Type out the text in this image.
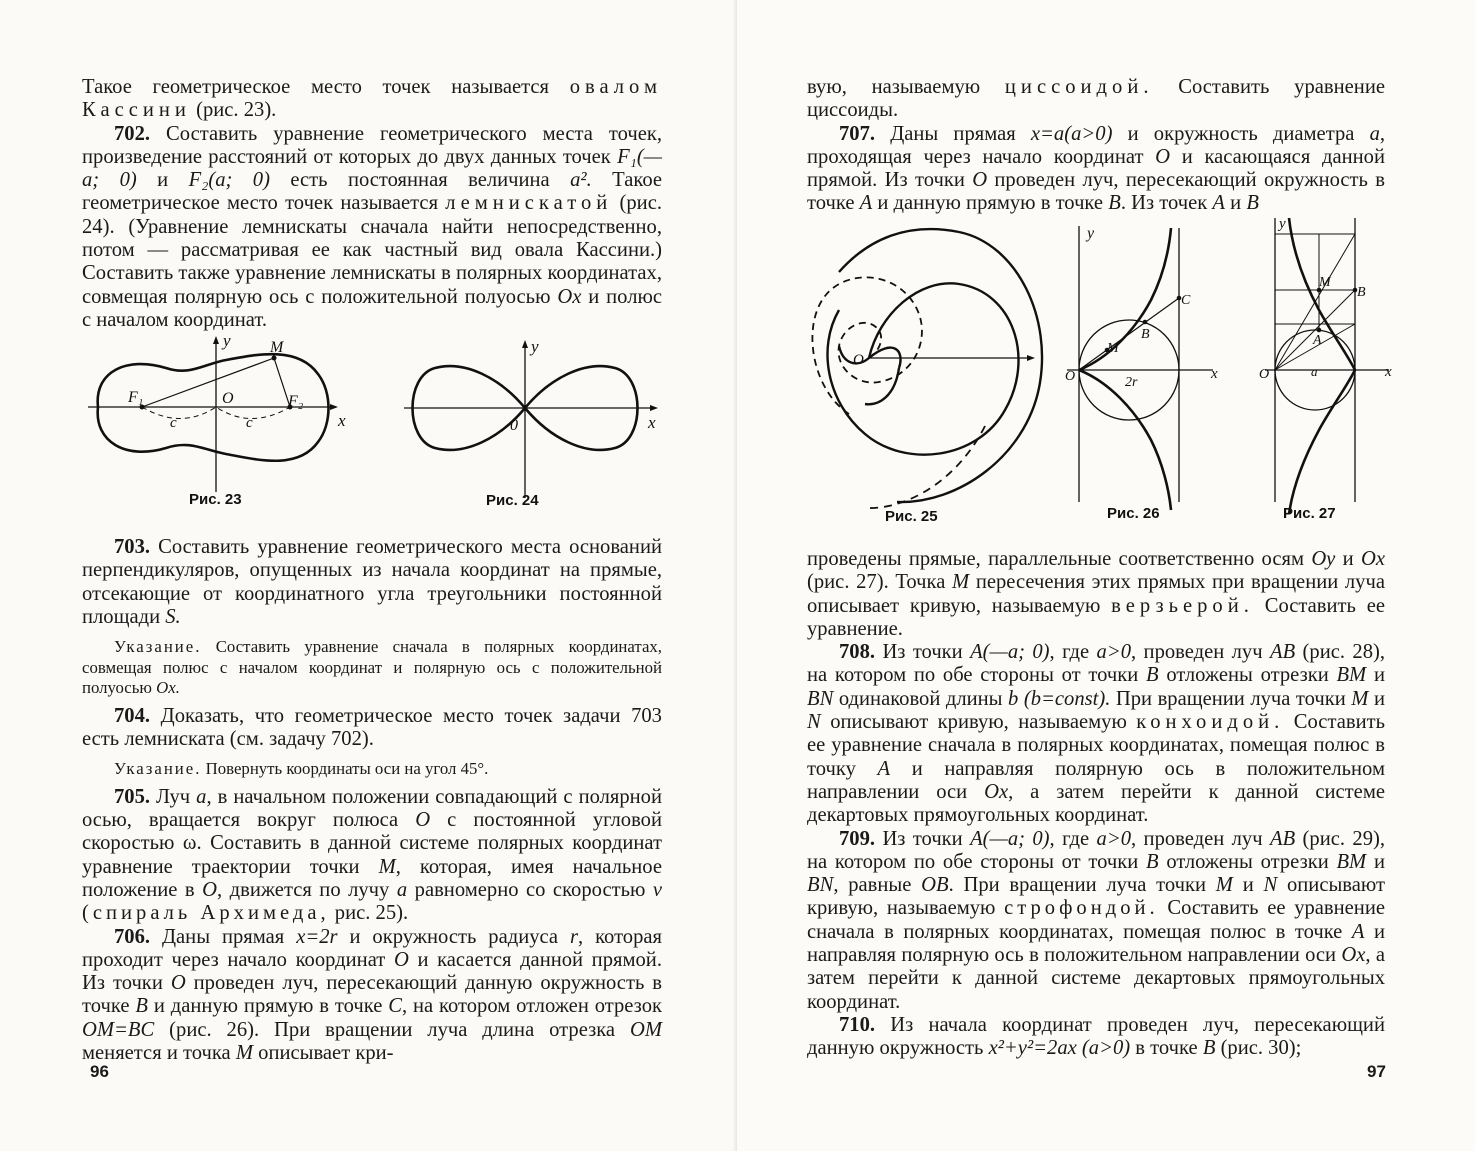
Такое геометрическое место точек называется овалом Кассини (рис. 23).

702. Составить уравнение геометрического места точек, произведение расстояний от которых до двух данных точек F₁(—a; 0) и F₂(a; 0) есть постоянная величина a². Такое геометрическое место точек называется лемнискатой (рис. 24). (Уравнение лемнискаты сначала найти непосредственно, потом — рассматривая ее как частный вид овала Кассини.) Составить также уравнение лемнискаты в полярных координатах, совмещая полярную ось с положительной полуосью Ox и полюс с началом координат.

y M
F₁	O	F₂
x
c	c
Рис. 23
y
0	x
Рис. 24

703. Составить уравнение геометрического места оснований перпендикуляров, опущенных из начала координат на прямые, отсекающие от координатного угла треугольники постоянной площади S.

Указание. Составить уравнение сначала в полярных координатах, совмещая полюс с началом координат и полярную ось с положительной полуосью Ox.

704. Доказать, что геометрическое место точек задачи 703 есть лемниската (см. задачу 702).

Указание. Повернуть координаты оси на угол 45°.

705. Луч a, в начальном положении совпадающий с полярной осью, вращается вокруг полюса O с постоянной угловой скоростью ω. Составить в данной системе полярных координат уравнение траектории точки M, которая, имея начальное положение в O, движется по лучу a равномерно со скоростью v (спираль Архимеда, рис. 25).

706. Даны прямая x=2r и окружность радиуса r, которая проходит через начало координат O и касается данной прямой. Из точки O проведен луч, пересекающий данную окружность в точке B и данную прямую в точке C, на котором отложен отрезок OM=BC (рис. 26). При вращении луча длина отрезка OM меняется и точка M описывает кри-

96

вую, называемую циссоидой. Составить уравнение циссоиды.

707. Даны прямая x=a(a>0) и окружность диаметра a, проходящая через начало координат O и касающаяся данной прямой. Из точки O проведен луч, пересекающий окружность в точке A и данную прямую в точке B. Из точек A и B

O
Рис. 25
y
O
M
B
C
2r
x
Рис. 26
y
O
M
B
A
a	x
Рис. 27

проведены прямые, параллельные соответственно осям Oy и Ox (рис. 27). Точка M пересечения этих прямых при вращении луча описывает кривую, называемую верзьерой. Составить ее уравнение.

708. Из точки A(—a; 0), где a>0, проведен луч AB (рис. 28), на котором по обе стороны от точки B отложены отрезки BM и BN одинаковой длины b (b=const). При вращении луча точки M и N описывают кривую, называемую конхоидой. Составить ее уравнение сначала в полярных координатах, помещая полюс в точку A и направляя полярную ось в положительном направлении оси Ox, а затем перейти к данной системе декартовых прямоугольных координат.

709. Из точки A(—a; 0), где a>0, проведен луч AB (рис. 29), на котором по обе стороны от точки B отложены отрезки BM и BN, равные OB. При вращении луча точки M и N описывают кривую, называемую строфондой. Составить ее уравнение сначала в полярных координатах, помещая полюс в точке A и направляя полярную ось в положительном направлении оси Ox, а затем перейти к данной системе декартовых прямоугольных координат.

710. Из начала координат проведен луч, пересекающий данную окружность x²+y²=2ax (a>0) в точке B (рис. 30);

97
